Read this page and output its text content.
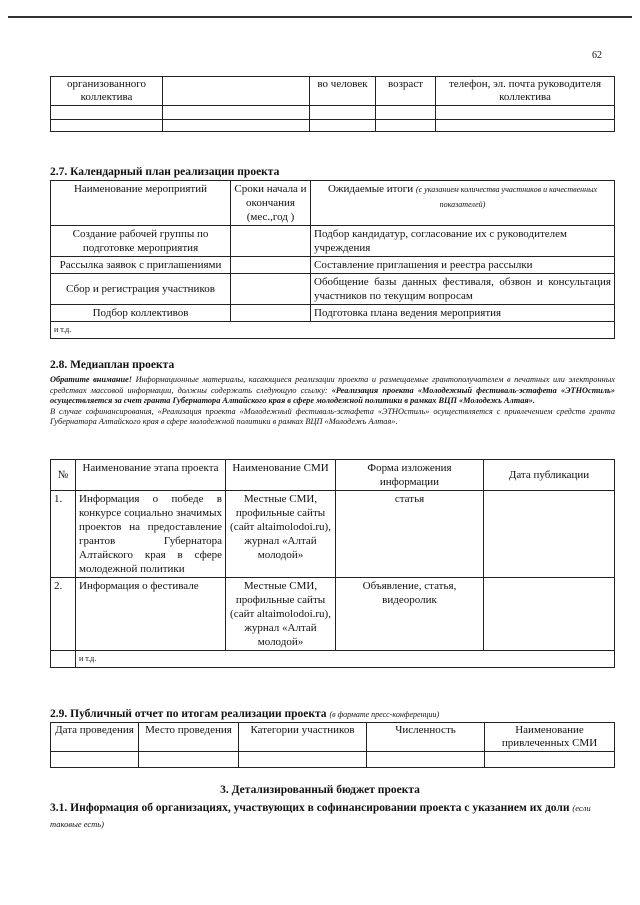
62
организованного коллектива		во человек	возраст	телефон, эл. почта руководителя коллектива

2.7. Календарный план реализации проекта
Наименование мероприятий	Сроки начала и окончания (мес.,год )	Ожидаемые итоги (с указанием количества участников и качественных показателей)
Создание рабочей группы по подготовке мероприятия		Подбор кандидатур, согласование их с руководителем учреждения
Рассылка заявок с приглашениями		Составление приглашения и реестра рассылки
Сбор и регистрация участников		Обобщение базы данных фестиваля, обзвон и консультация участников по текущим вопросам
Подбор коллективов		Подготовка плана ведения мероприятия
и т.д.		
2.8. Медиаплан проекта
Обратите внимание! Информационные материалы, касающиеся реализации проекта и размещаемые грантополучателем в печатных или электронных средствах массовой информации, должны содержать следующую ссылку: «Реализация проекта «Молодежный фестиваль-эстафета «ЭТНОстиль» осуществляется за счет гранта Губернатора Алтайского края в сфере молодежной политики в рамках ВЦП «Молодежь Алтая».
В случае софинансирования, «Реализация проекта «Молодежный фестиваль-эстафета «ЭТНОстиль» осуществляется с привлечением средств гранта Губернатора Алтайского края в сфере молодежной политики в рамках ВЦП «Молодежь Алтая».
№	Наименование этапа проекта	Наименование СМИ	Форма изложения информации	Дата публикации
1.	Информация о победе в конкурсе социально значимых проектов на предоставление грантов Губернатора Алтайского края в сфере молодежной политики	Местные СМИ, профильные сайты (сайт altaimolodoi.ru), журнал «Алтай молодой»	статья	
2.	Информация о фестивале	Местные СМИ, профильные сайты (сайт altaimolodoi.ru), журнал «Алтай молодой»	Объявление, статья, видеоролик	
	и т.д.			
2.9. Публичный отчет по итогам реализации проекта (в формате пресс-конференции)
Дата проведения	Место проведения	Категории участников	Численность	Наименование привлеченных СМИ

3. Детализированный бюджет проекта
3.1. Информация об организациях, участвующих в софинансировании проекта с указанием их доли (если таковые есть)
